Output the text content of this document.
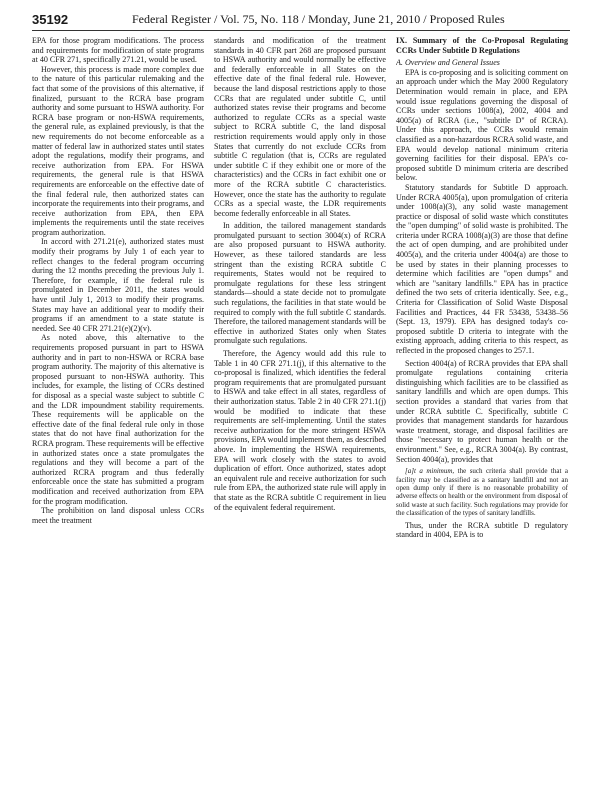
35192	Federal Register / Vol. 75, No. 118 / Monday, June 21, 2010 / Proposed Rules

EPA for those program modifications. The process and requirements for modification of state programs at 40 CFR 271, specifically 271.21, would be used.

However, this process is made more complex due to the nature of this particular rulemaking and the fact that some of the provisions of this alternative, if finalized, pursuant to the RCRA base program authority and some pursuant to HSWA authority. For RCRA base program or non-HSWA requirements, the general rule, as explained previously, is that the new requirements do not become enforceable as a matter of federal law in authorized states until states adopt the regulations, modify their programs, and receive authorization from EPA. For HSWA requirements, the general rule is that HSWA requirements are enforceable on the effective date of the final federal rule, then authorized states can incorporate the requirements into their programs, and receive authorization from EPA, then EPA implements the requirements until the state receives program authorization.

In accord with 271.21(e), authorized states must modify their programs by July 1 of each year to reflect changes to the federal program occurring during the 12 months preceding the previous July 1. Therefore, for example, if the federal rule is promulgated in December 2011, the states would have until July 1, 2013 to modify their programs. States may have an additional year to modify their programs if an amendment to a state statute is needed. See 40 CFR 271.21(e)(2)(v).

As noted above, this alternative to the requirements proposed pursuant in part to HSWA authority and in part to non-HSWA or RCRA base program authority. The majority of this alternative is proposed pursuant to non-HSWA authority. This includes, for example, the listing of CCRs destined for disposal as a special waste subject to subtitle C and the LDR impoundment stability requirements. These requirements will be applicable on the effective date of the final federal rule only in those states that do not have final authorization for the RCRA program. These requirements will be effective in authorized states once a state promulgates the regulations and they will become a part of the authorized RCRA program and thus federally enforceable once the state has submitted a program modification and received authorization from EPA for the program modification.

The prohibition on land disposal unless CCRs meet the treatment

standards and modification of the treatment standards in 40 CFR part 268 are proposed pursuant to HSWA authority and would normally be effective and federally enforceable in all States on the effective date of the final federal rule. However, because the land disposal restrictions apply to those CCRs that are regulated under subtitle C, until authorized states revise their programs and become authorized to regulate CCRs as a special waste subject to RCRA subtitle C, the land disposal restriction requirements would apply only in those States that currently do not exclude CCRs from subtitle C regulation (that is, CCRs are regulated under subtitle C if they exhibit one or more of the characteristics) and the CCRs in fact exhibit one or more of the RCRA subtitle C characteristics. However, once the state has the authority to regulate CCRs as a special waste, the LDR requirements become federally enforceable in all States.

In addition, the tailored management standards promulgated pursuant to section 3004(x) of RCRA are also proposed pursuant to HSWA authority. However, as these tailored standards are less stringent than the existing RCRA subtitle C requirements, States would not be required to promulgate regulations for these less stringent standards—should a state decide not to promulgate such regulations, the facilities in that state would be required to comply with the full subtitle C standards. Therefore, the tailored management standards will be effective in authorized States only when States promulgate such regulations.

Therefore, the Agency would add this rule to Table 1 in 40 CFR 271.1(j), if this alternative to the co-proposal is finalized, which identifies the federal program requirements that are promulgated pursuant to HSWA and take effect in all states, regardless of their authorization status. Table 2 in 40 CFR 271.1(j) would be modified to indicate that these requirements are self-implementing. Until the states receive authorization for the more stringent HSWA provisions, EPA would implement them, as described above. In implementing the HSWA requirements, EPA will work closely with the states to avoid duplication of effort. Once authorized, states adopt an equivalent rule and receive authorization for such rule from EPA, the authorized state rule will apply in that state as the RCRA subtitle C requirement in lieu of the equivalent federal requirement.

IX. Summary of the Co-Proposal Regulating CCRs Under Subtitle D Regulations

A. Overview and General Issues

EPA is co-proposing and is soliciting comment on an approach under which the May 2000 Regulatory Determination would remain in place, and EPA would issue regulations governing the disposal of CCRs under sections 1008(a), 2002, 4004 and 4005(a) of RCRA (i.e., "subtitle D" of RCRA). Under this approach, the CCRs would remain classified as a non-hazardous RCRA solid waste, and EPA would develop national minimum criteria governing facilities for their disposal. EPA's co-proposed subtitle D minimum criteria are described below.

Statutory standards for Subtitle D approach. Under RCRA 4005(a), upon promulgation of criteria under 1008(a)(3), any solid waste management practice or disposal of solid waste which constitutes the "open dumping" of solid waste is prohibited. The criteria under RCRA 1008(a)(3) are those that define the act of open dumping, and are prohibited under 4005(a), and the criteria under 4004(a) are those to be used by states in their planning processes to determine which facilities are "open dumps" and which are "sanitary landfills." EPA has in practice defined the two sets of criteria identically. See, e.g., Criteria for Classification of Solid Waste Disposal Facilities and Practices, 44 FR 53438, 53438–56 (Sept. 13, 1979). EPA has designed today's co-proposed subtitle D criteria to integrate with the existing approach, adding criteria to this respect, as reflected in the proposed changes to 257.1.

Section 4004(a) of RCRA provides that EPA shall promulgate regulations containing criteria distinguishing which facilities are to be classified as sanitary landfills and which are open dumps. This section provides a standard that varies from that under RCRA subtitle C. Specifically, subtitle C provides that management standards for hazardous waste treatment, storage, and disposal facilities are those "necessary to protect human health or the environment." See, e.g., RCRA 3004(a). By contrast, Section 4004(a), provides that

[a]t a minimum, the such criteria shall provide that a facility may be classified as a sanitary landfill and not an open dump only if there is no reasonable probability of adverse effects on health or the environment from disposal of solid waste at such facility. Such regulations may provide for the classification of the types of sanitary landfills.

Thus, under the RCRA subtitle D regulatory standard in 4004, EPA is to
